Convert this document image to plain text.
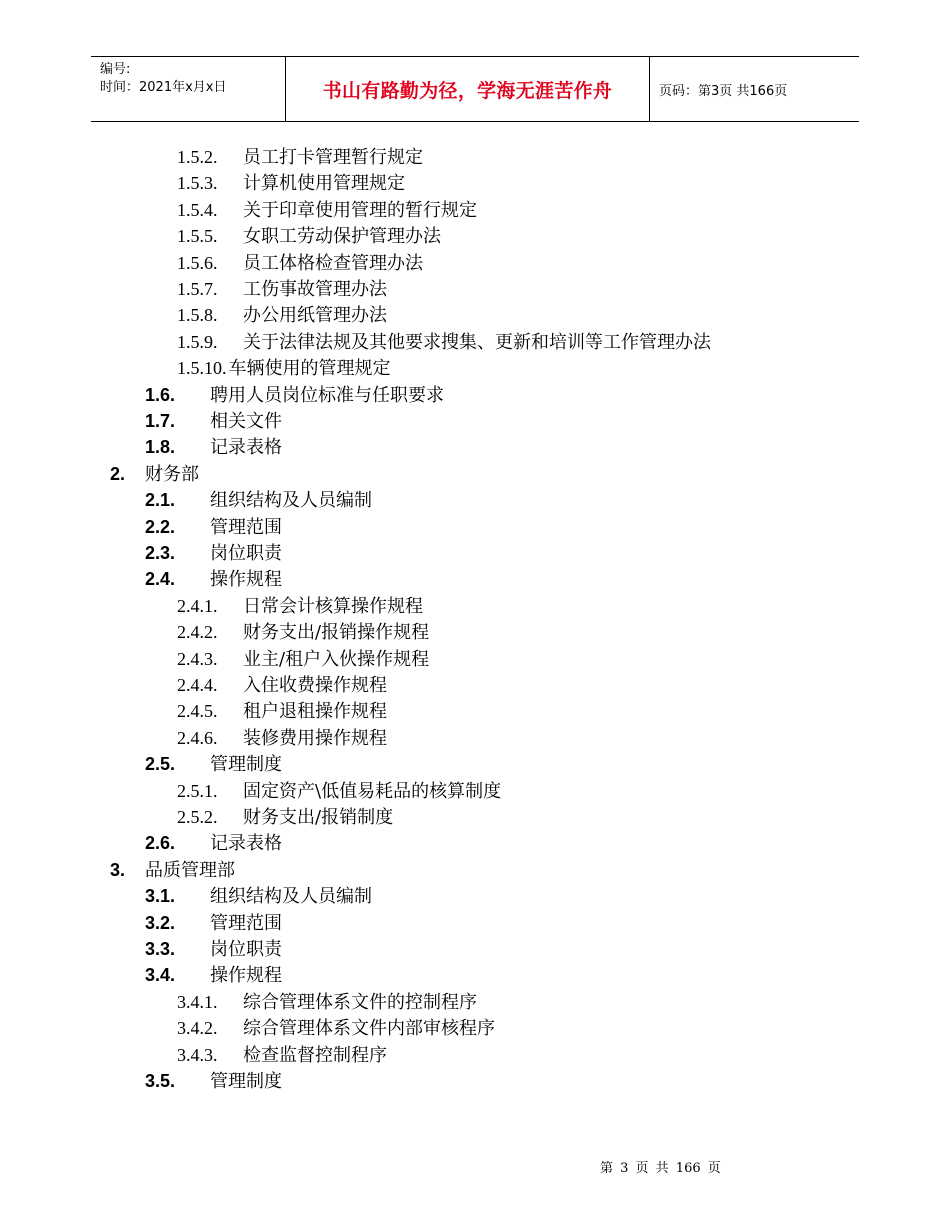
编号:
时间：2021年x月x日	书山有路勤为径，学海无涯苦作舟	页码：第3页 共166页
1.5.2. 员工打卡管理暂行规定
1.5.3. 计算机使用管理规定
1.5.4. 关于印章使用管理的暂行规定
1.5.5. 女职工劳动保护管理办法
1.5.6. 员工体格检查管理办法
1.5.7. 工伤事故管理办法
1.5.8. 办公用纸管理办法
1.5.9. 关于法律法规及其他要求搜集、更新和培训等工作管理办法
1.5.10. 车辆使用的管理规定
1.6. 聘用人员岗位标准与任职要求
1.7. 相关文件
1.8. 记录表格
2. 财务部
2.1. 组织结构及人员编制
2.2. 管理范围
2.3. 岗位职责
2.4. 操作规程
2.4.1. 日常会计核算操作规程
2.4.2. 财务支出/报销操作规程
2.4.3. 业主/租户入伙操作规程
2.4.4. 入住收费操作规程
2.4.5. 租户退租操作规程
2.4.6. 装修费用操作规程
2.5. 管理制度
2.5.1. 固定资产\低值易耗品的核算制度
2.5.2. 财务支出/报销制度
2.6. 记录表格
3. 品质管理部
3.1. 组织结构及人员编制
3.2. 管理范围
3.3. 岗位职责
3.4. 操作规程
3.4.1. 综合管理体系文件的控制程序
3.4.2. 综合管理体系文件内部审核程序
3.4.3. 检查监督控制程序
3.5. 管理制度
第 3 页 共 166 页
